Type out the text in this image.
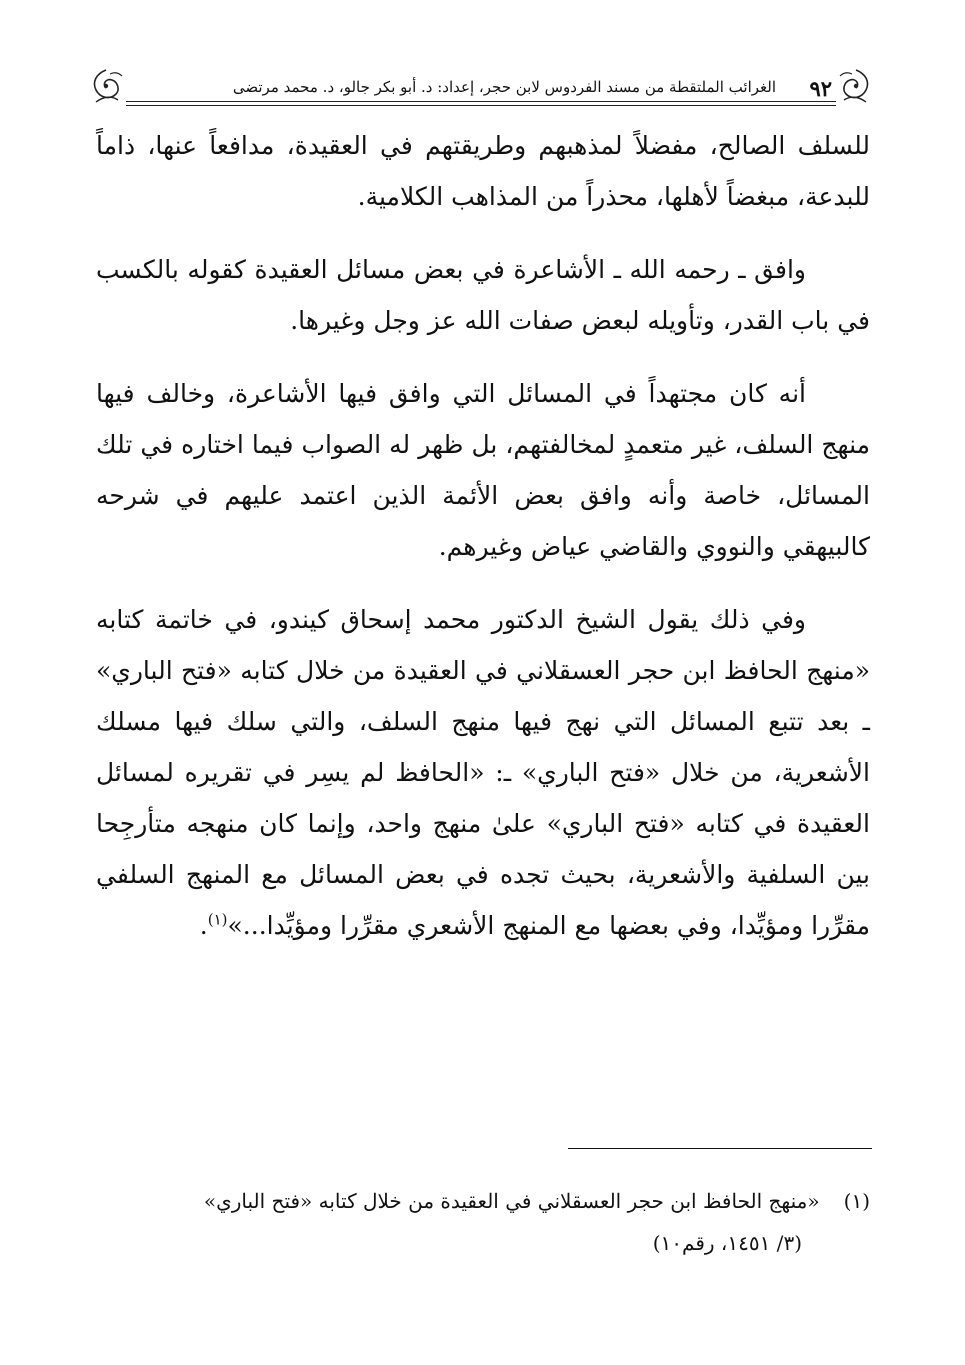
٩٢
الغرائب الملتقطة من مسند الفردوس لابن حجر، إعداد: د. أبو بكر جالو، د. محمد مرتضى

للسلف الصالح، مفضلاً لمذهبهم وطريقتهم في العقيدة، مدافعاً عنها، ذاماً للبدعة، مبغضاً لأهلها، محذراً من المذاهب الكلامية.

وافق ـ رحمه الله ـ الأشاعرة في بعض مسائل العقيدة كقوله بالكسب في باب القدر، وتأويله لبعض صفات الله عز وجل وغيرها.

أنه كان مجتهداً في المسائل التي وافق فيها الأشاعرة، وخالف فيها منهج السلف، غير متعمدٍ لمخالفتهم، بل ظهر له الصواب فيما اختاره في تلك المسائل، خاصة وأنه وافق بعض الأئمة الذين اعتمد عليهم في شرحه كالبيهقي والنووي والقاضي عياض وغيرهم.

وفي ذلك يقول الشيخ الدكتور محمد إسحاق كيندو، في خاتمة كتابه «منهج الحافظ ابن حجر العسقلاني في العقيدة من خلال كتابه «فتح الباري» ـ بعد تتبع المسائل التي نهج فيها منهج السلف، والتي سلك فيها مسلك الأشعرية، من خلال «فتح الباري» ـ: «الحافظ لم يسِر في تقريره لمسائل العقيدة في كتابه «فتح الباري» علىٰ منهج واحد، وإنما كان منهجه متأرجِحا بين السلفية والأشعرية، بحيث تجده في بعض المسائل مع المنهج السلفي مقرِّرا ومؤيِّدا، وفي بعضها مع المنهج الأشعري مقرِّرا ومؤيِّدا...»$^{(١)}$.

(١)«منهج الحافظ ابن حجر العسقلاني في العقيدة من خلال كتابه «فتح الباري»
(٣/ ١٤٥١، رقم١٠)
